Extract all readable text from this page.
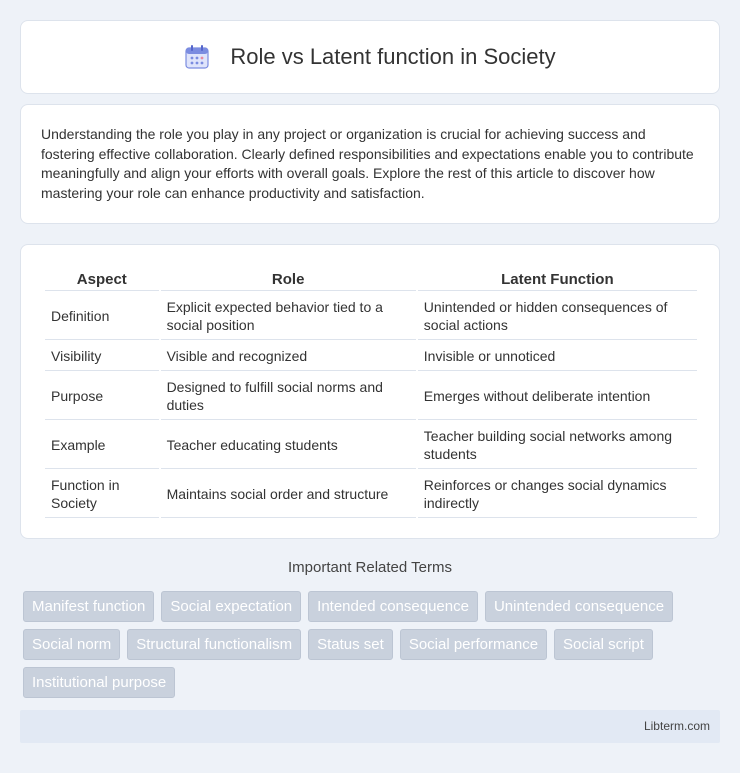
Role vs Latent function in Society

Understanding the role you play in any project or organization is crucial for achieving success and fostering effective collaboration. Clearly defined responsibilities and expectations enable you to contribute meaningfully and align your efforts with overall goals. Explore the rest of this article to discover how mastering your role can enhance productivity and satisfaction.

Aspect	Role	Latent Function
Definition	Explicit expected behavior tied to a social position	Unintended or hidden consequences of social actions
Visibility	Visible and recognized	Invisible or unnoticed
Purpose	Designed to fulfill social norms and duties	Emerges without deliberate intention
Example	Teacher educating students	Teacher building social networks among students
Function in Society	Maintains social order and structure	Reinforces or changes social dynamics indirectly
Important Related Terms
Manifest function	Social expectation	Intended consequence	Unintended consequence
Social norm	Structural functionalism	Status set	Social performance	Social script
Institutional purpose
Libterm.com
